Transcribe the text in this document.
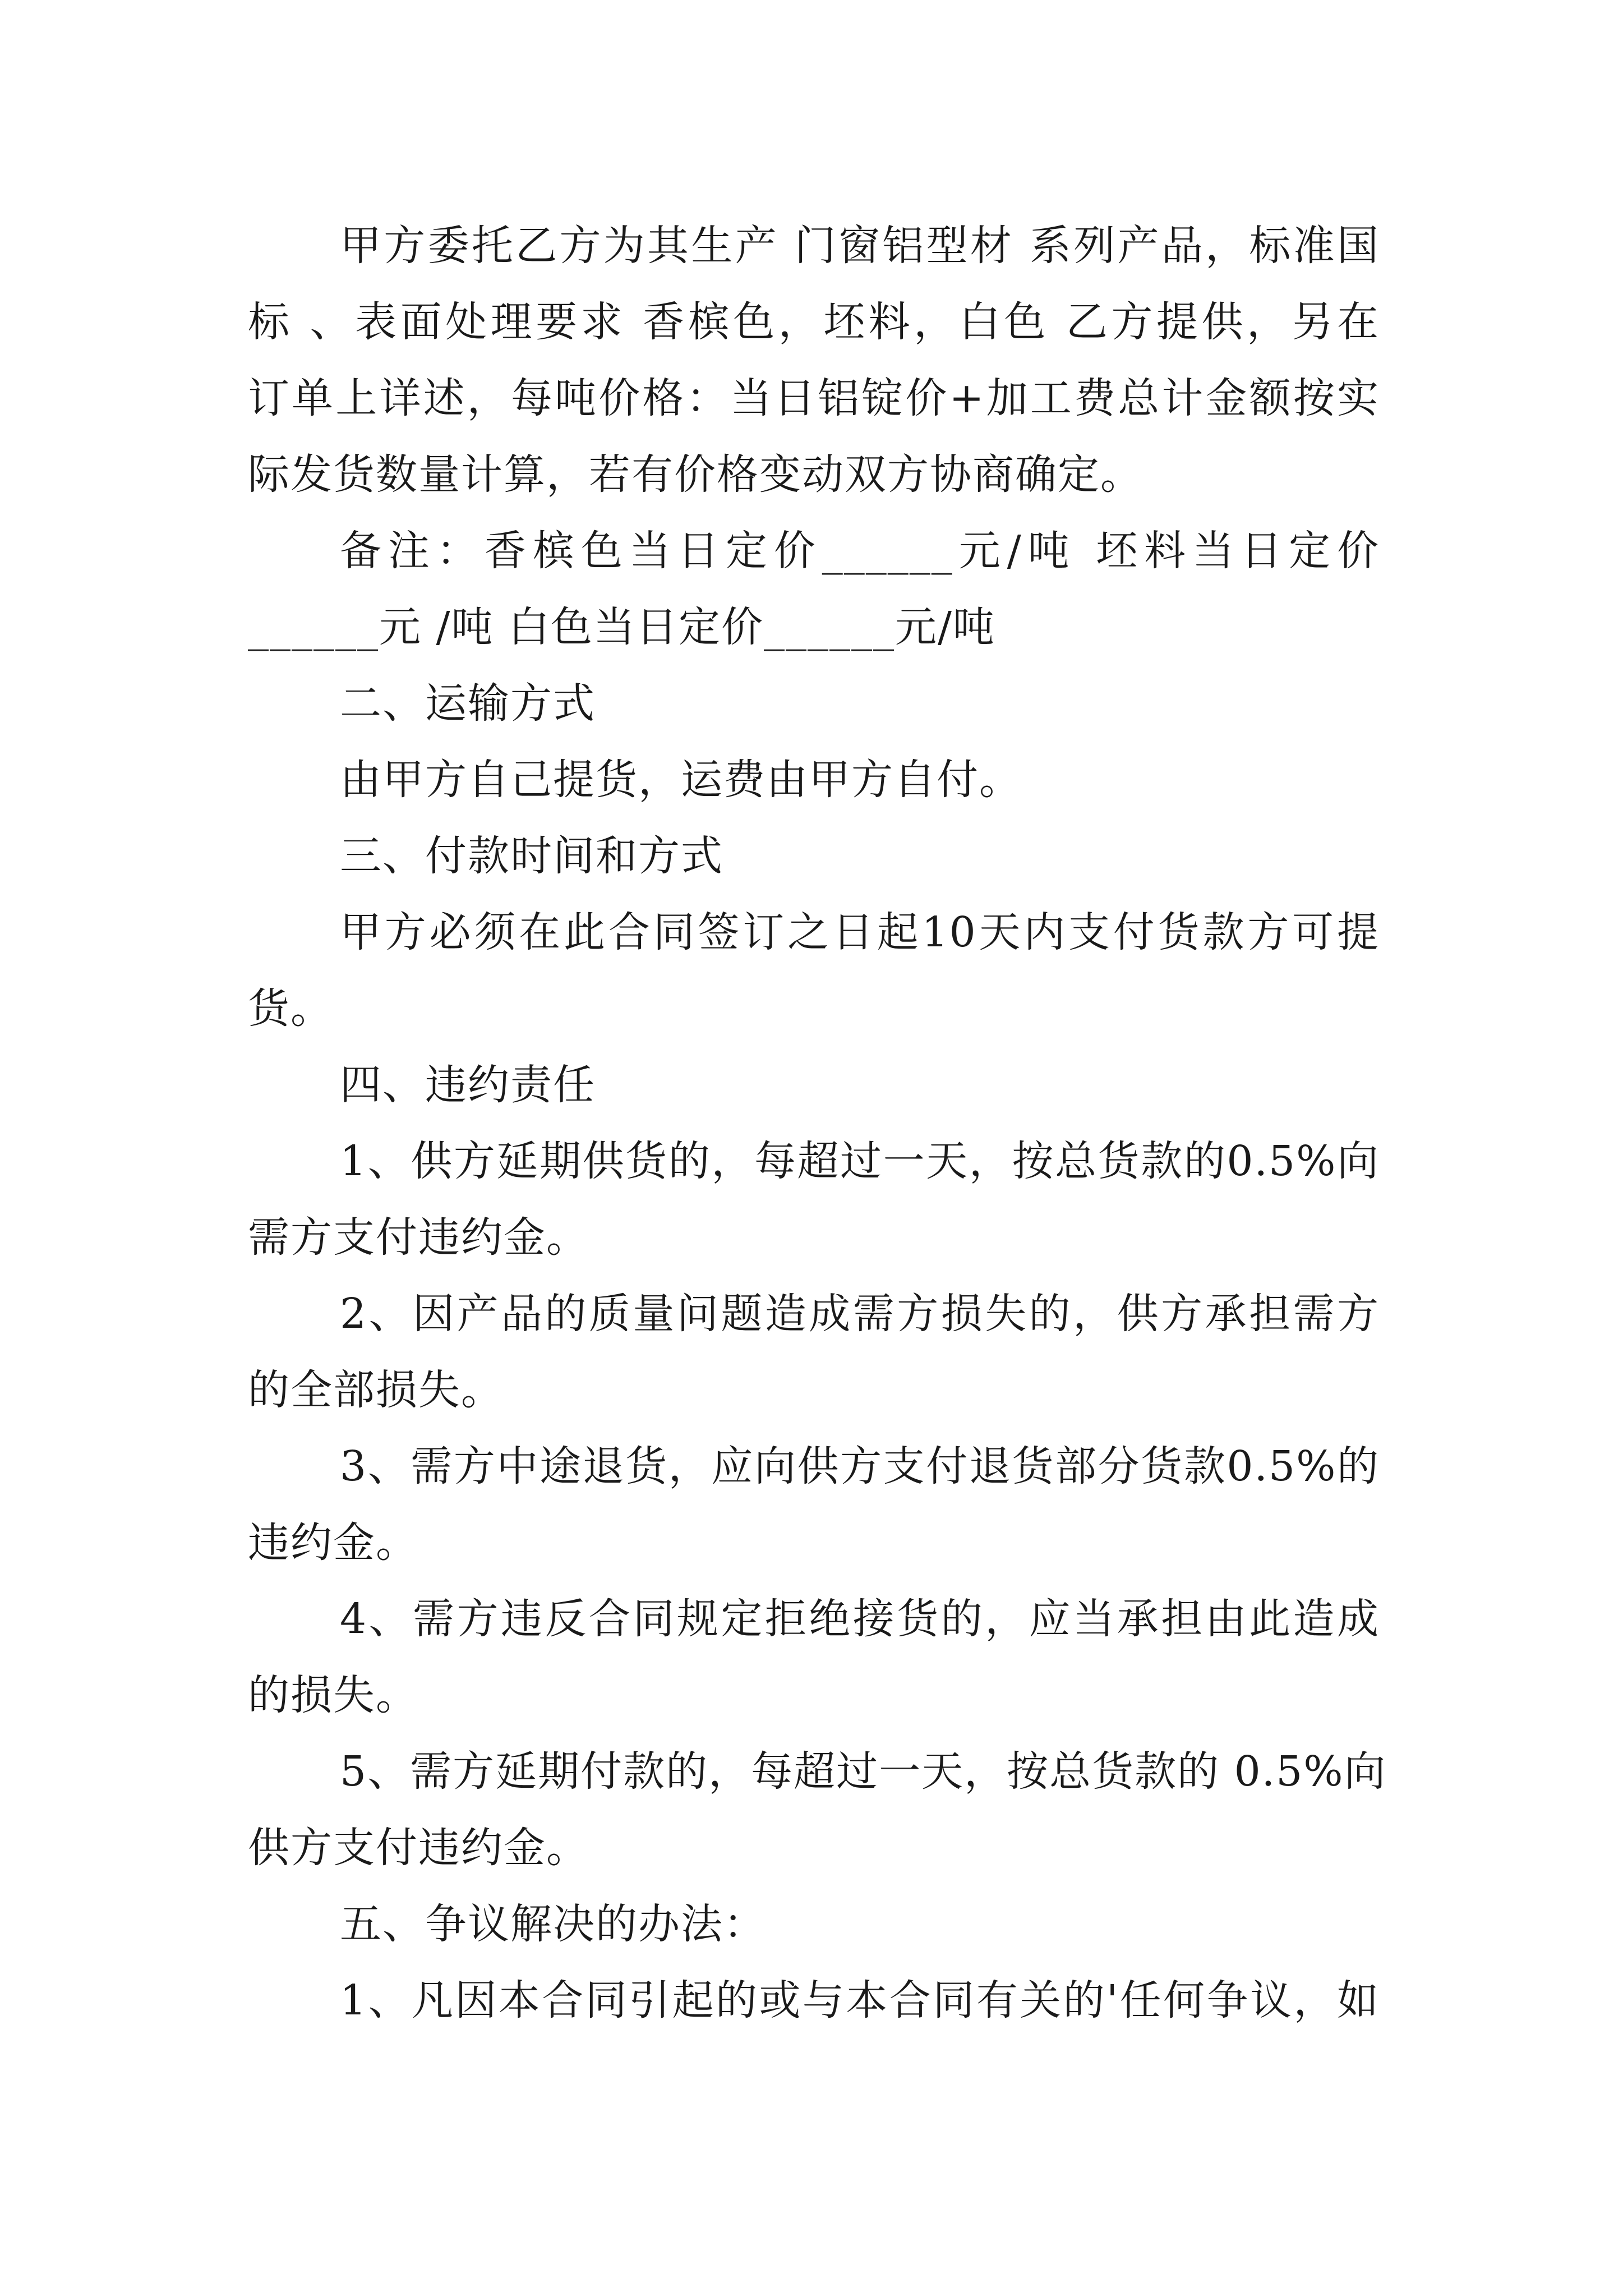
甲方委托乙方为其生产 门窗铝型材 系列产品，标准国
标 、表面处理要求 香槟色，坯料，白色 乙方提供，另在
订单上详述，每吨价格：当日铝锭价+加工费总计金额按实
际发货数量计算，若有价格变动双方协商确定。
备注：香槟色当日定价______元/吨 坯料当日定价
______元 /吨 白色当日定价______元/吨
二、运输方式
由甲方自己提货，运费由甲方自付。
三、付款时间和方式
甲方必须在此合同签订之日起10天内支付货款方可提
货。
四、违约责任
1、供方延期供货的，每超过一天，按总货款的0.5%向
需方支付违约金。
2、因产品的质量问题造成需方损失的，供方承担需方
的全部损失。
3、需方中途退货，应向供方支付退货部分货款0.5%的
违约金。
4、需方违反合同规定拒绝接货的，应当承担由此造成
的损失。
5、需方延期付款的，每超过一天，按总货款的 0.5%向
供方支付违约金。
五、争议解决的办法：
1、凡因本合同引起的或与本合同有关的'任何争议，如
